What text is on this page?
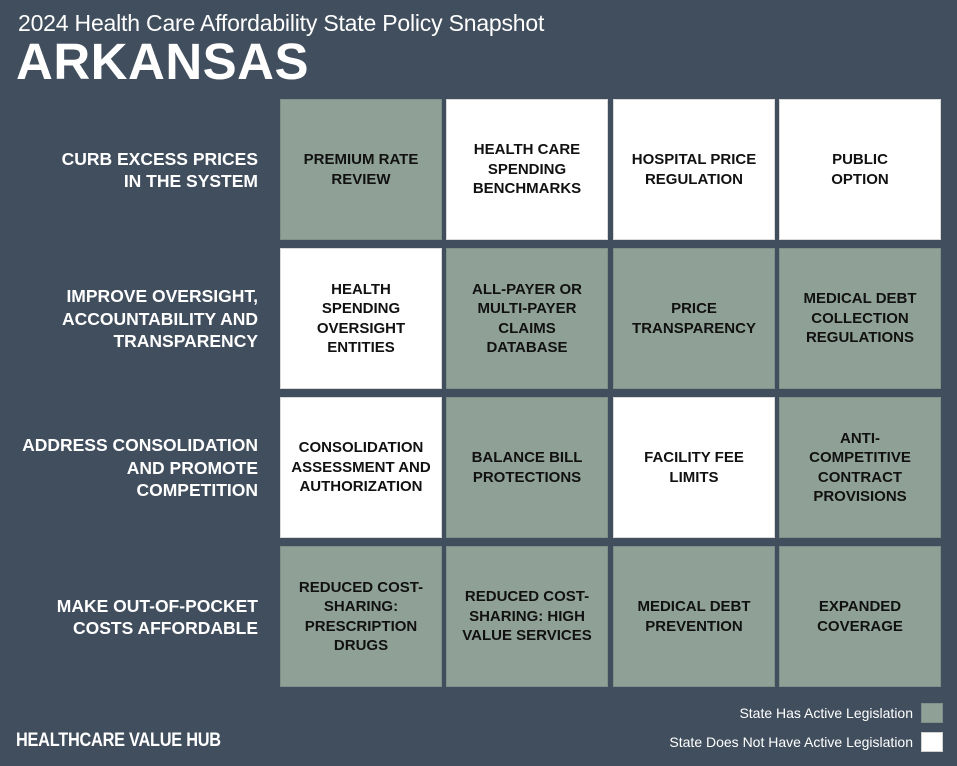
2024 Health Care Affordability State Policy Snapshot
ARKANSAS
CURB EXCESS PRICES IN THE SYSTEM
IMPROVE OVERSIGHT, ACCOUNTABILITY AND TRANSPARENCY
ADDRESS CONSOLIDATION AND PROMOTE COMPETITION
MAKE OUT-OF-POCKET COSTS AFFORDABLE
PREMIUM RATE REVIEW
HEALTH CARE SPENDING BENCHMARKS
HOSPITAL PRICE REGULATION
PUBLIC OPTION
HEALTH SPENDING OVERSIGHT ENTITIES
ALL-PAYER OR MULTI-PAYER CLAIMS DATABASE
PRICE TRANSPARENCY
MEDICAL DEBT COLLECTION REGULATIONS
CONSOLIDATION ASSESSMENT AND AUTHORIZATION
BALANCE BILL PROTECTIONS
FACILITY FEE LIMITS
ANTI-COMPETITIVE CONTRACT PROVISIONS
REDUCED COST-SHARING: PRESCRIPTION DRUGS
REDUCED COST-SHARING: HIGH VALUE SERVICES
MEDICAL DEBT PREVENTION
EXPANDED COVERAGE
State Has Active Legislation
State Does Not Have Active Legislation
HEALTHCARE VALUE HUB
